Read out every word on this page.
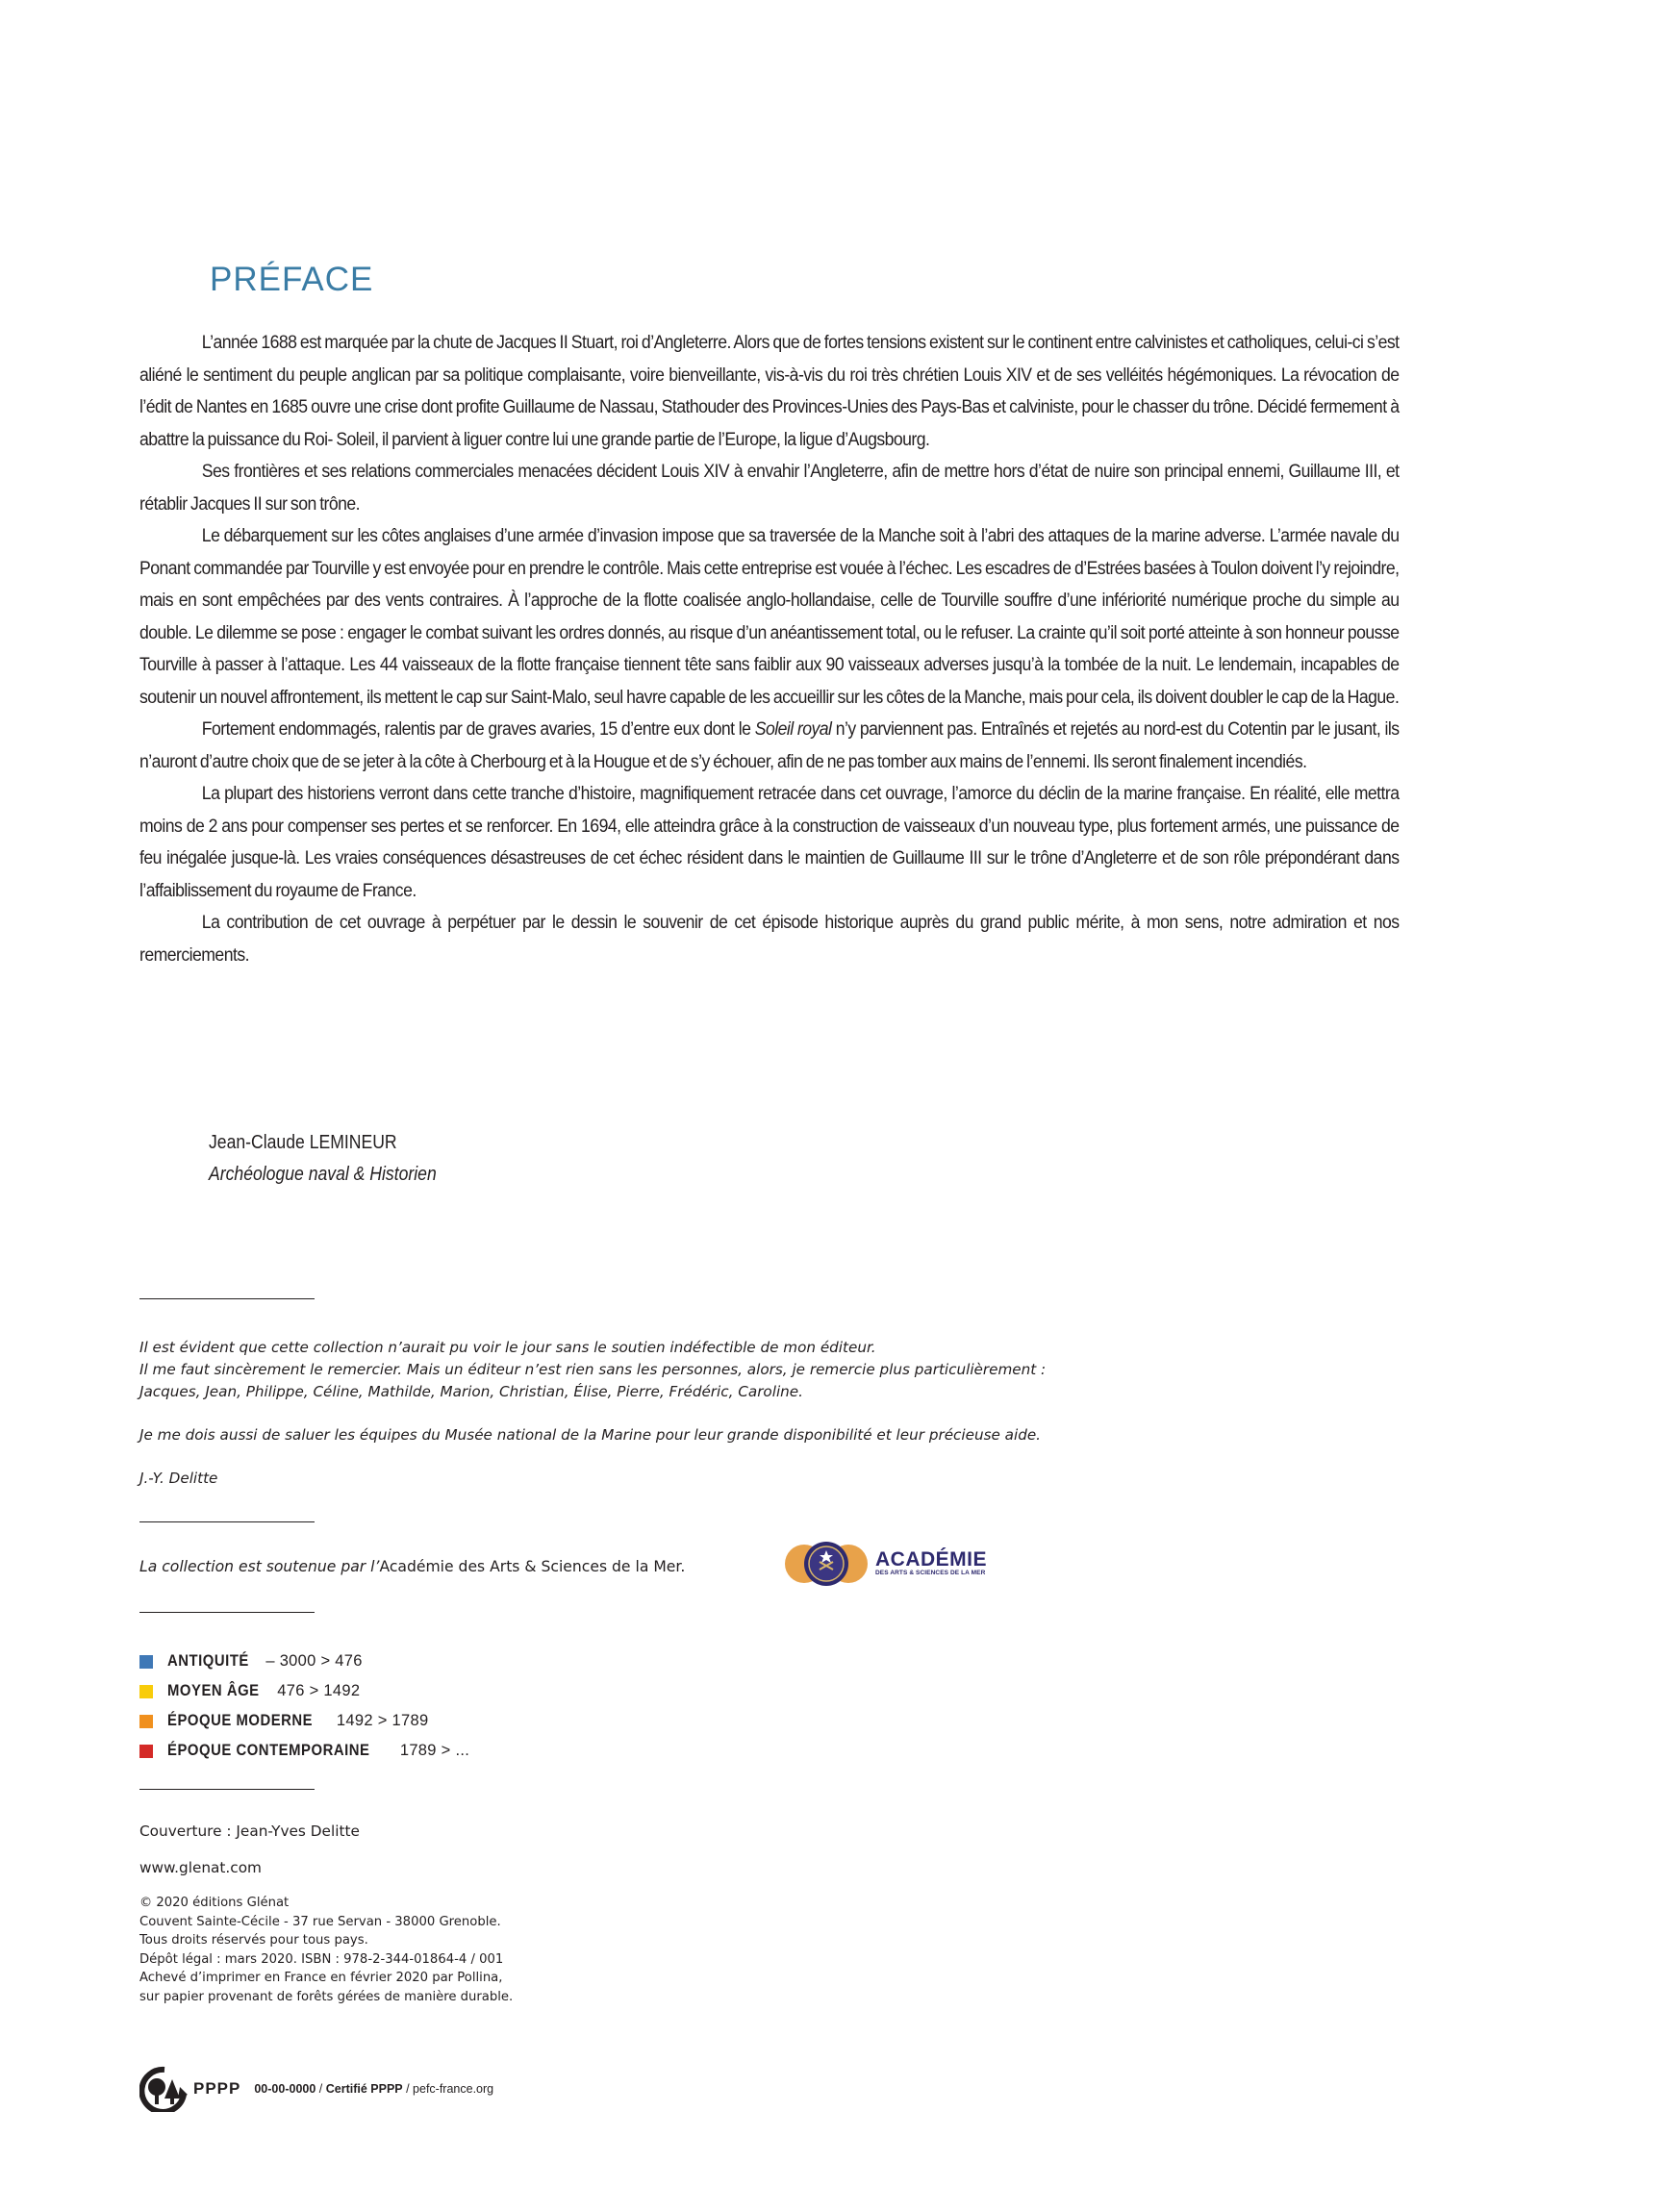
PRÉFACE

L’année 1688 est marquée par la chute de Jacques II Stuart, roi d’Angleterre. Alors que de fortes tensions existent sur le continent entre calvinistes et catholiques, celui-ci s’est aliéné le sentiment du peuple anglican par sa politique complaisante, voire bienveillante, vis-à-vis du roi très chrétien Louis XIV et de ses velléités hégémoniques. La révocation de l’édit de Nantes en 1685 ouvre une crise dont profite Guillaume de Nassau, Stathouder des Provinces-Unies des Pays-Bas et calviniste, pour le chasser du trône. Décidé fermement à abattre la puissance du Roi- Soleil, il parvient à liguer contre lui une grande partie de l’Europe, la ligue d’Augsbourg.

Ses frontières et ses relations commerciales menacées décident Louis XIV à envahir l’Angleterre, afin de mettre hors d’état de nuire son principal ennemi, Guillaume III, et rétablir Jacques II sur son trône.

Le débarquement sur les côtes anglaises d’une armée d’invasion impose que sa traversée de la Manche soit à l’abri des attaques de la marine adverse. L’armée navale du Ponant commandée par Tourville y est envoyée pour en prendre le contrôle. Mais cette entreprise est vouée à l’échec. Les escadres de d’Estrées basées à Toulon doivent l’y rejoindre, mais en sont empêchées par des vents contraires. À l’approche de la flotte coalisée anglo-hollandaise, celle de Tourville souffre d’une infériorité numérique proche du simple au double. Le dilemme se pose : engager le combat suivant les ordres donnés, au risque d’un anéantissement total, ou le refuser. La crainte qu’il soit porté atteinte à son honneur pousse Tourville à passer à l’attaque. Les 44 vaisseaux de la flotte française tiennent tête sans faiblir aux 90 vaisseaux adverses jusqu’à la tombée de la nuit. Le lendemain, incapables de soutenir un nouvel affrontement, ils mettent le cap sur Saint-Malo, seul havre capable de les accueillir sur les côtes de la Manche, mais pour cela, ils doivent doubler le cap de la Hague.

Fortement endommagés, ralentis par de graves avaries, 15 d’entre eux dont le Soleil royal n’y parviennent pas. Entraînés et rejetés au nord-est du Cotentin par le jusant, ils n’auront d’autre choix que de se jeter à la côte à Cherbourg et à la Hougue et de s’y échouer, afin de ne pas tomber aux mains de l’ennemi. Ils seront finalement incendiés.

La plupart des historiens verront dans cette tranche d’histoire, magnifiquement retracée dans cet ouvrage, l’amorce du déclin de la marine française. En réalité, elle mettra moins de 2 ans pour compenser ses pertes et se renforcer. En 1694, elle atteindra grâce à la construction de vaisseaux d’un nouveau type, plus fortement armés, une puissance de feu inégalée jusque-là. Les vraies conséquences désastreuses de cet échec résident dans le maintien de Guillaume III sur le trône d’Angleterre et de son rôle prépondérant dans l’affaiblissement du royaume de France.

La contribution de cet ouvrage à perpétuer par le dessin le souvenir de cet épisode historique auprès du grand public mérite, à mon sens, notre admiration et nos remerciements.

Jean-Claude LEMINEUR
Archéologue naval & Historien

Il est évident que cette collection n’aurait pu voir le jour sans le soutien indéfectible de mon éditeur.

Il me faut sincèrement le remercier. Mais un éditeur n’est rien sans les personnes, alors, je remercie plus particulièrement :

Jacques, Jean, Philippe, Céline, Mathilde, Marion, Christian, Élise, Pierre, Frédéric, Caroline.

Je me dois aussi de saluer les équipes du Musée national de la Marine pour leur grande disponibilité et leur précieuse aide.

J.-Y. Delitte

La collection est soutenue par l’Académie des Arts & Sciences de la Mer.	ACADÉMIE
DES ARTS & SCIENCES DE LA MER
ANTIQUITÉ – 3000 > 476
MOYEN ÂGE 476 > 1492
ÉPOQUE MODERNE 1492 > 1789
ÉPOQUE CONTEMPORAINE 1789 > ...
Couverture : Jean-Yves Delitte
www.glenat.com
© 2020 éditions Glénat
Couvent Sainte-Cécile - 37 rue Servan - 38000 Grenoble.
Tous droits réservés pour tous pays.
Dépôt légal : mars 2020. ISBN : 978-2-344-01864-4 / 001
Achevé d’imprimer en France en février 2020 par Pollina,
sur papier provenant de forêts gérées de manière durable.
PPPP 00-00-0000 / Certifié PPPP / pefc-france.org
